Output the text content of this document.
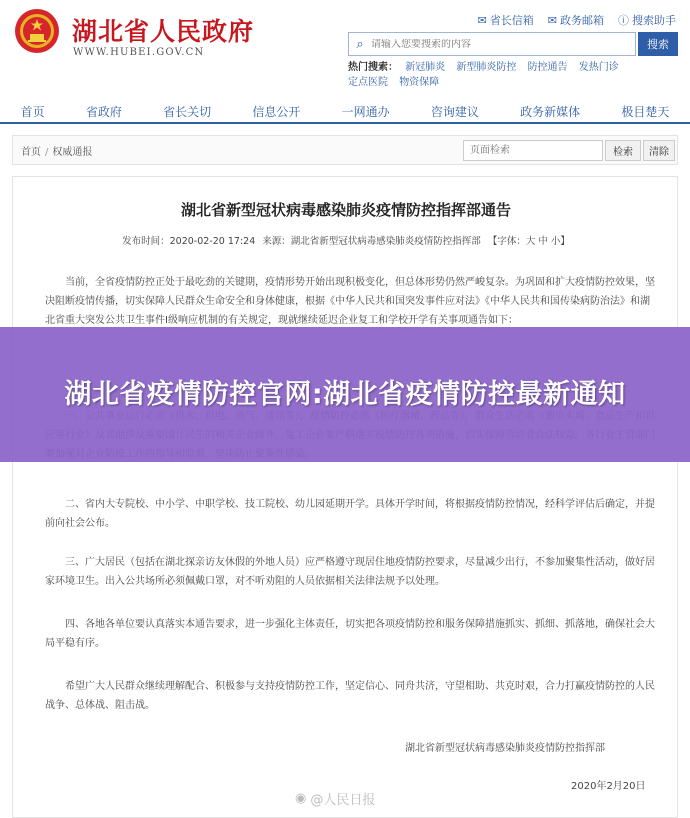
湖北省人民政府
WWW.HUBEI.GOV.CN
✉ 省长信箱 ✉ 政务邮箱 ⓘ 搜索助手
⌕
请输入您要搜索的内容	搜索
热门搜索： 新冠肺炎 新型肺炎防控 防控通告 发热门诊
定点医院 物资保障
首页	省政府	省长关切	信息公开	一网通办	咨询建议	政务新媒体	极目楚天
首页 / 权威通报
页面检索	检索	清除
湖北省新型冠状病毒感染肺炎疫情防控指挥部通告
发布时间：2020-02-20 17:24 来源：湖北省新型冠状病毒感染肺炎疫情防控指挥部 【字体：大 中 小】

当前，全省疫情防控正处于最吃劲的关键期，疫情形势开始出现积极变化，但总体形势仍然严峻复杂。为巩固和扩大疫情防控效果，坚决阻断疫情传播，切实保障人民群众生命安全和身体健康，根据《中华人民共和国突发事件应对法》《中华人民共和国传染病防治法》和湖北省重大突发公共卫生事件I级响应机制的有关规定，现就继续延迟企业复工和学校开学有关事项通告如下：

二、省内大专院校、中小学、中职学校、技工院校、幼儿园延期开学。具体开学时间，将根据疫情防控情况，经科学评估后确定，并提前向社会公布。

三、广大居民（包括在湖北探亲访友休假的外地人员）应严格遵守现居住地疫情防控要求，尽量减少出行，不参加聚集性活动，做好居家环境卫生。出入公共场所必须佩戴口罩，对不听劝阻的人员依据相关法律法规予以处理。

四、各地各单位要认真落实本通告要求，进一步强化主体责任，切实把各项疫情防控和服务保障措施抓实、抓细、抓落地，确保社会大局平稳有序。

希望广大人民群众继续理解配合、积极参与支持疫情防控工作，坚定信心、同舟共济，守望相助、共克时艰，合力打赢疫情防控的人民战争、总体战、阻击战。

湖北省新型冠状病毒感染肺炎疫情防控指挥部
2020年2月20日
◉ @人民日报
湖北省疫情防控官网:湖北省疫情防控最新通知
